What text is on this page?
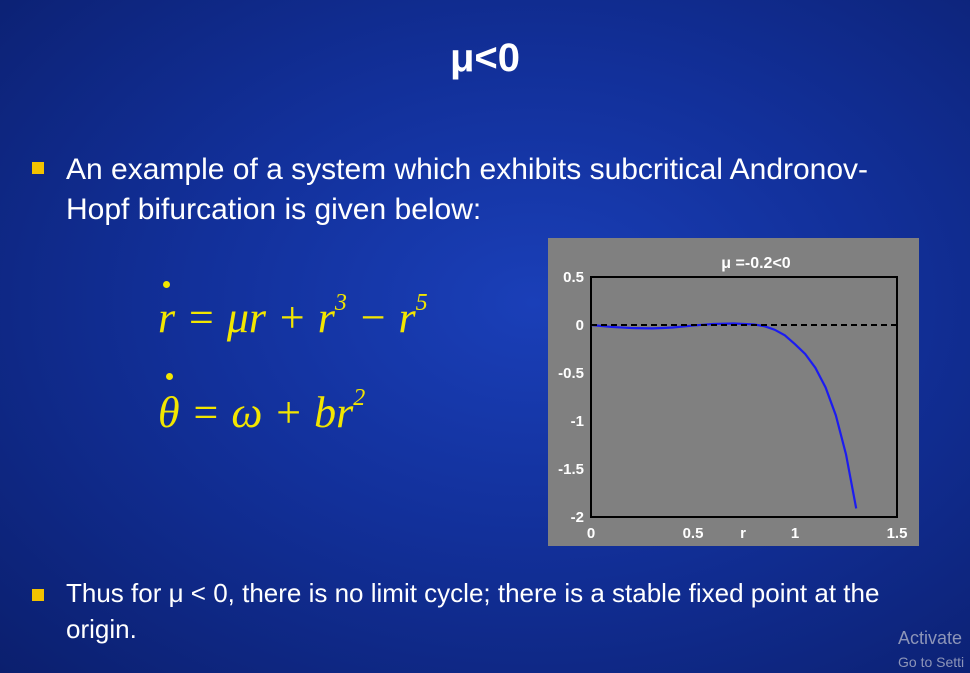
μ<0
An example of a system which exhibits subcritical Andronov-Hopf bifurcation is given below:
$r = \mu r + r^3 - r^5$
$\theta = \omega + br^2$
μ =-0.2<0
0.5
0
-0.5
-1
-1.5
-2
0	0.5	1	1.5
r
Thus for μ < 0, there is no limit cycle; there is a stable fixed point at the origin.	Activate
Go to Setti
